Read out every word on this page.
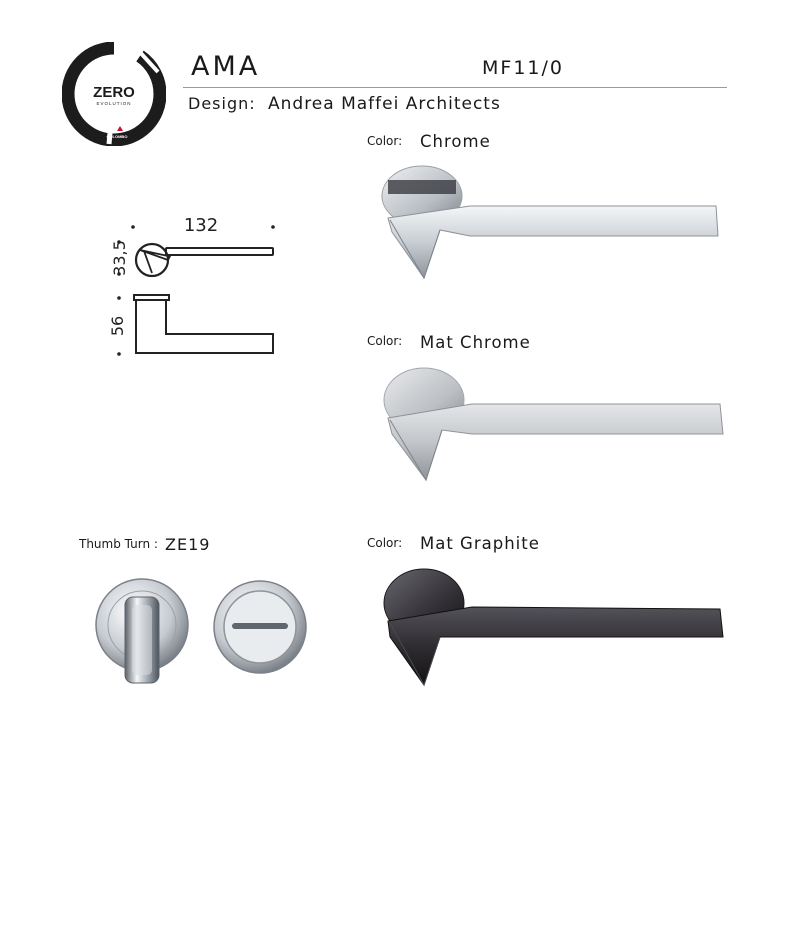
ZERO
EVOLUTION
COLOMBO
AMA	MF11/0
Design: Andrea Maffei Architects
132
33,5
56
Color: Chrome
Color: Mat Chrome
Thumb Turn : ZE19	Color: Mat Graphite
